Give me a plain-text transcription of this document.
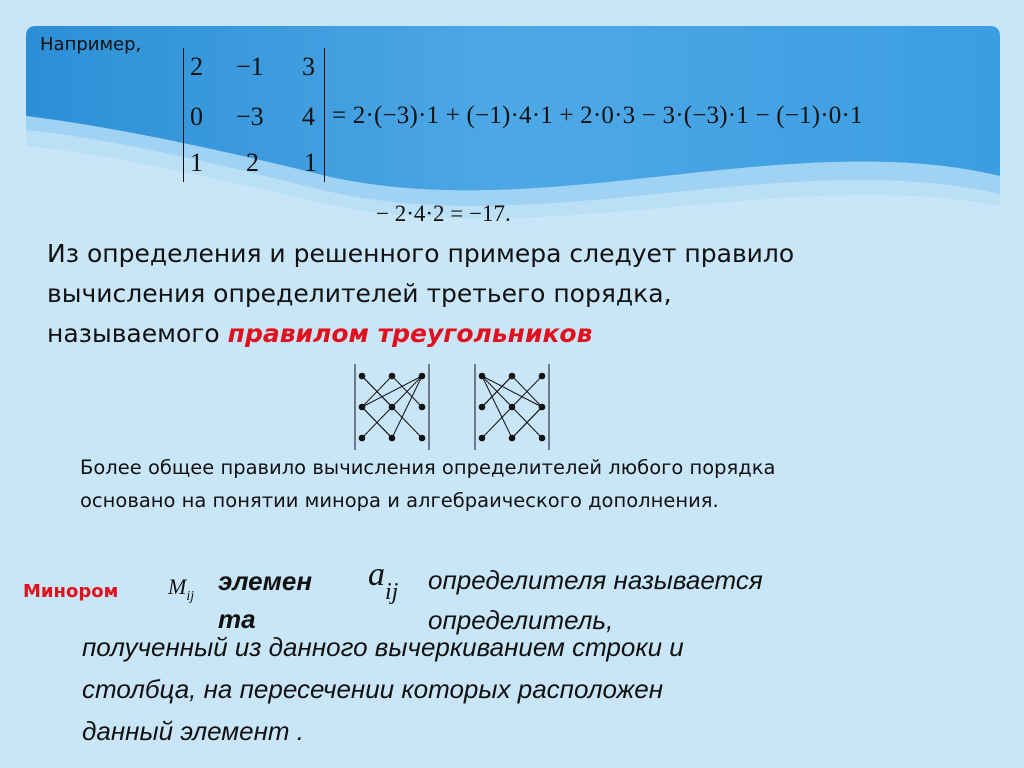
Например,
2 −1 3
0 −3 4
1 2 1
= 2·(−3)·1 + (−1)·4·1 + 2·0·3 − 3·(−3)·1 − (−1)·0·1
− 2·4·2 = −17.
Из определения и решенного примера следует правило
вычисления определителей третьего порядка,
называемого правилом треугольников
Более общее правило вычисления определителей любого порядка
основано на понятии минора и алгебраического дополнения.
Минором Mij
элемен
та
aij определителя называется
определитель,
полученный из данного вычеркиванием строки и
столбца, на пересечении которых расположен
данный элемент .
